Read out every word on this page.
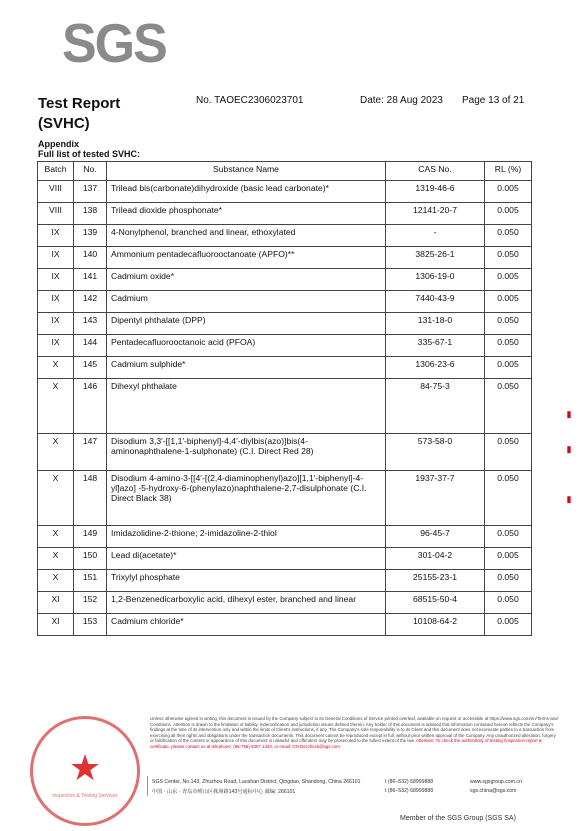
SGS
Test Report	No. TAOEC2306023701	Date: 28 Aug 2023 Page 13 of 21
(SVHC)
Appendix
Full list of tested SVHC:
Batch	No.	Substance Name	CAS No.	RL (%)
VIII	137	Trilead bis(carbonate)dihydroxide (basic lead carbonate)*	1319-46-6	0.005
VIII	138	Trilead dioxide phosphonate*	12141-20-7	0.005
IX	139	4-Nonylphenol, branched and linear, ethoxylated	-	0.050
IX	140	Ammonium pentadecafluorooctanoate (APFO)**	3825-26-1	0.050
IX	141	Cadmium oxide*	1306-19-0	0.005
IX	142	Cadmium	7440-43-9	0.005
IX	143	Dipentyl phthalate (DPP)	131-18-0	0.050
IX	144	Pentadecafluorooctanoic acid (PFOA)	335-67-1	0.050
X	145	Cadmium sulphide*	1306-23-6	0.005
X	146	Dihexyl phthalate	84-75-3	0.050
X	147	Disodium 3,3'-[[1,1'-biphenyl]-4,4'-diylbis(azo)]bis(4-aminonaphthalene-1-sulphonate) (C.I. Direct Red 28)	573-58-0	0.050
X	148	Disodium 4-amino-3-[[4'-[(2,4-diaminophenyl)azo][1,1'-biphenyl]-4-yl]azo] -5-hydroxy-6-(phenylazo)naphthalene-2,7-disulphonate (C.I. Direct Black 38)	1937-37-7	0.050
X	149	Imidazolidine-2-thione; 2-imidazoline-2-thiol	96-45-7	0.050
X	150	Lead di(acetate)*	301-04-2	0.005
X	151	Trixylyl phosphate	25155-23-1	0.050
XI	152	1,2-Benzenedicarboxylic acid, dihexyl ester, branched and linear	68515-50-4	0.050
XI	153	Cadmium chloride*	10108-64-2	0.005
▮
▮
▮
★
Inspection & Testing Services
Unless otherwise agreed in writing, this document is issued by the Company subject to its General Conditions of Service printed overleaf, available on request or accessible at https://www.sgs.com/en/Terms-and-Conditions. Attention is drawn to the limitation of liability, indemnification and jurisdiction issues defined therein. Any holder of this document is advised that information contained hereon reflects the Company's findings at the time of its intervention only and within the limits of Client's instructions, if any. The Company's sole responsibility is to its Client and this document does not exonerate parties to a transaction from exercising all their rights and obligations under the transaction documents. This document cannot be reproduced except in full, without prior written approval of the Company. Any unauthorized alteration, forgery or falsification of the content or appearance of this document is unlawful and offenders may be prosecuted to the fullest extent of the law. Attention: To check the authenticity of testing /inspection report & certificate, please contact us at telephone: (86-755) 8307 1443, or email: CN.Doccheck@sgs.com
SGS Center, No.143, Zhuzhou Road, Laoshan District, Qingdao, Shandong, China 266101
中国 · 山东 · 青岛市崂山区株洲路143号通标中心 邮编: 266101
t (86–532) 68999888
t (86–532) 68999888
www.sgsgroup.com.cn
sgs.china@sgs.com
Member of the SGS Group (SGS SA)
